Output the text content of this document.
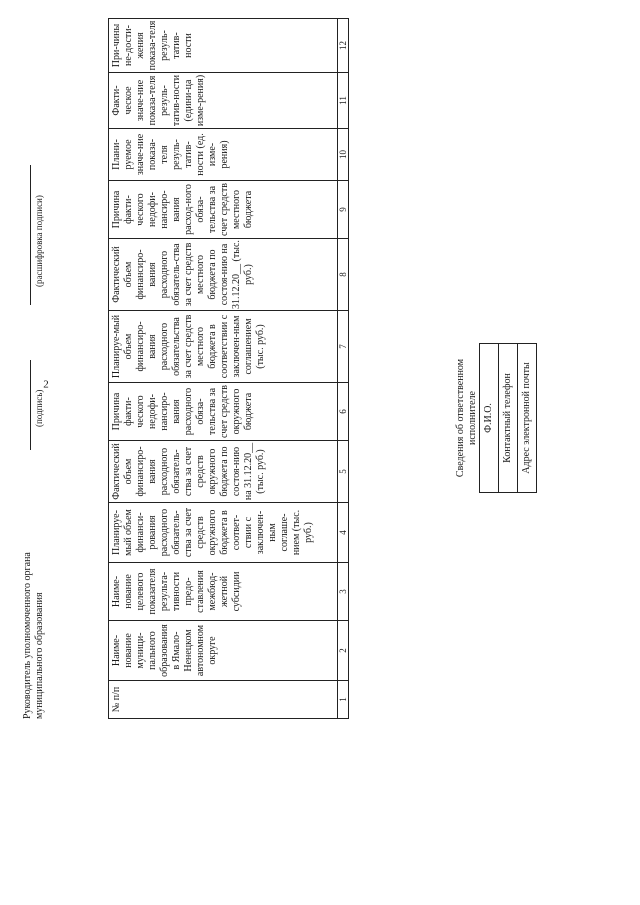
2
Руководитель уполномоченного органа муниципального образования
(подпись)
(расшифровка подписи)
№ п/п	Наиме-нование муници-пального образования в Ямало-Ненецком автономном округе	Наиме-нование целевого показателя результа-тивности предо-ставления межбюд-жетной субсидии	Планируе-мый объем финанси-рования расходного обязатель-ства за счет средств окружного бюджета в соответ-ствии с заключен-ным соглаше-нием (тыс. руб.)	Фактический объем финансиро-вания расходного обязатель-ства за счет средств окружного бюджета по состоя-нию на 31.12.20__ (тыс. руб.)	Причина факти-ческого недофи-нансиро-вания расходного обяза-тельства за счет средств окружного бюджета	Планируе-мый объем финансиро-вания расходного обязательства за счет средств местного бюджета в соответствии с заключен-ным соглашением (тыс. руб.)	Фактический объем финансиро-вания расходного обязатель-ства за счет средств местного бюджета по состоя-нию на 31.12.20__ (тыс. руб.)	Причина факти-ческого недофи-нансиро-вания расход-ного обяза-тельства за счет средств местного бюджета	Плани-руемое значе-ние показа-теля резуль-татив-ности (ед. изме-рения)	Факти-ческое значе-ние показа-теля резуль-татив-ности (едини-ца изме-рения)	При-чины не-дости-жения показа-теля резуль-татив-ности
1	2	3	4	5	6	7	8	9	10	11	12
Сведения об ответственном исполнителе
Ф.И.О.
Контактный телефон
Адрес электронной почты
